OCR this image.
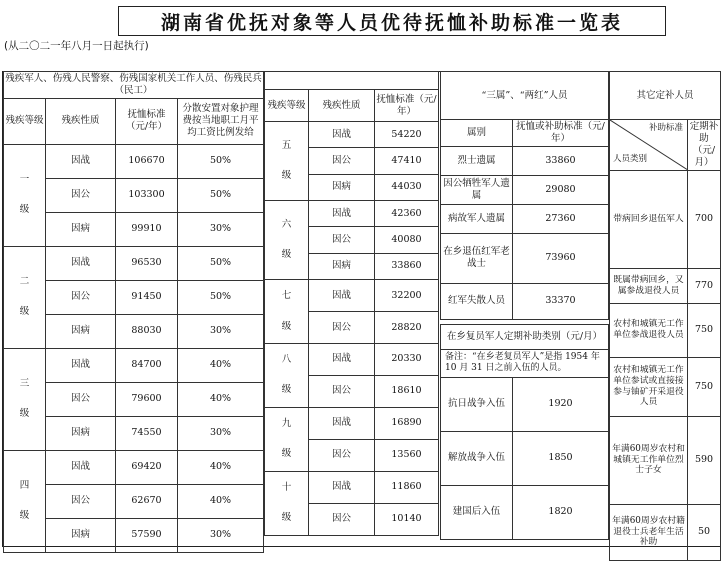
湖南省优抚对象等人员优待抚恤补助标准一览表
(从二〇二一年八月一日起执行)
残疾军人、伤残人民警察、伤残国家机关工作人员、伤残民兵（民工）			
残疾等级	残疾性质	抚恤标准（元/年）	分散安置对象护理费按当地职工月平均工资比例发给

一
级	因战	106670	50%
	因公	103300	50%
	因病	99910	30%

二
级	因战	96530	50%
	因公	91450	50%
	因病	88030	30%

三
级	因战	84700	40%
	因公	79600	40%
	因病	74550	30%

四
级	因战	69420	40%
	因公	62670	40%
	因病	57590	30%

残疾等级	残疾性质	抚恤标准（元/年）

五
级	因战	54220
	因公	47410
	因病	44030

六
级	因战	42360
	因公	40080
	因病	33860

七
级	因战	32200
	因公	28820

八
级	因战	20330
	因公	18610

九
级	因战	16890
	因公	13560

十
级	因战	11860
	因公	10140
“三属”、“两红”人员	
属别	抚恤或补助标准（元/年）
烈士遗属	33860
因公牺牲军人遗属	29080
病故军人遗属	27360
在乡退伍红军老战士	73960
红军失散人员	33370
在乡复员军人定期补助类别（元/月）	
备注：“在乡老复员军人”是指 1954 年 10 月 31 日之前入伍的人员。	
抗日战争入伍	1920
解放战争入伍	1850
建国后入伍	1820
其它定补人员	

补助标准
人员类别	定期补助（元/月）
带病回乡退伍军人	700
既属带病回乡，又属参战退役人员	770
农村和城镇无工作单位参战退役人员	750
农村和城镇无工作单位参试或直接接参与铀矿开采退役人员	750
年满60周岁农村和城镇无工作单位烈士子女	590
年满60周岁农村籍退役士兵老年生活补助	50
